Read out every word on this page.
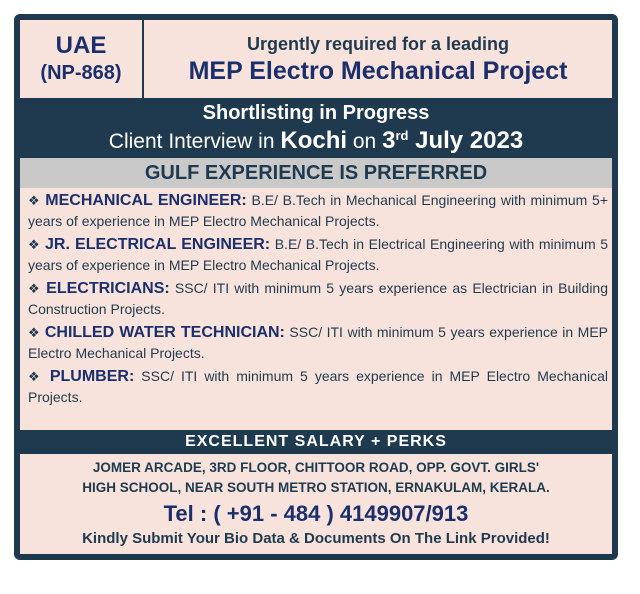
UAE
(NP-868)
Urgently required for a leading
MEP Electro Mechanical Project
Shortlisting in Progress
Client Interview in Kochi on 3rd July 2023
GULF EXPERIENCE IS PREFERRED
❖ MECHANICAL ENGINEER: B.E/ B.Tech in Mechanical Engineering with minimum 5+ years of experience in MEP Electro Mechanical Projects.
❖ JR. ELECTRICAL ENGINEER: B.E/ B.Tech in Electrical Engineering with minimum 5 years of experience in MEP Electro Mechanical Projects.
❖ ELECTRICIANS: SSC/ ITI with minimum 5 years experience as Electrician in Building Construction Projects.
❖ CHILLED WATER TECHNICIAN: SSC/ ITI with minimum 5 years experience in MEP Electro Mechanical Projects.
❖ PLUMBER: SSC/ ITI with minimum 5 years experience in MEP Electro Mechanical Projects.
EXCELLENT SALARY + PERKS
JOMER ARCADE, 3RD FLOOR, CHITTOOR ROAD, OPP. GOVT. GIRLS'
HIGH SCHOOL, NEAR SOUTH METRO STATION, ERNAKULAM, KERALA.
Tel : ( +91 - 484 ) 4149907/913
Kindly Submit Your Bio Data & Documents On The Link Provided!
